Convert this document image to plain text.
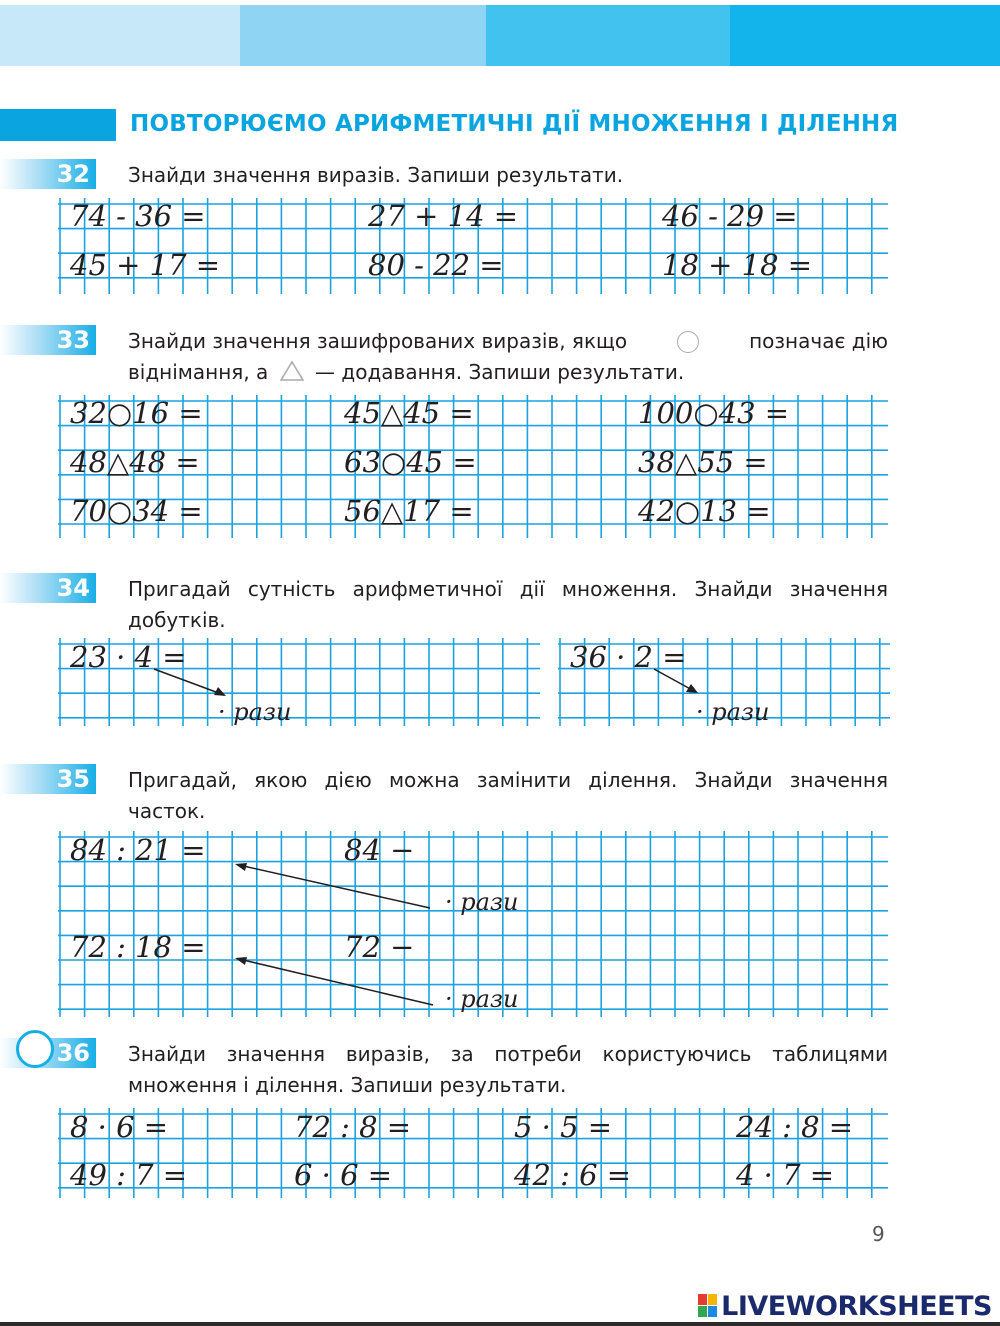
ПОВТОРЮЄМО АРИФМЕТИЧНІ ДІЇ МНОЖЕННЯ І ДІЛЕННЯ
32 Знайди значення виразів. Запиши результати.
74 - 36 =	27 + 14 =	46 - 29 =
45 + 17 =	80 - 22 =	18 + 18 =
33 Знайди значення зашифрованих виразів, якщо	позначає дію
віднімання, а — додавання. Запиши результати.
32○16 =	45△45 =	100○43 =
48△48 =	63○45 =	38△55 =
70○34 =	56△17 =	42○13 =
34 Пригадай сутність арифметичної дії множення. Знайди значення добутків.
23 · 4 =	36 · 2 =
· рази	· рази
35 Пригадай, якою дією можна замінити ділення. Знайди значення часток.
84 : 21 =	84 −
72 : 18 =	72 −
· рази
· рази
36 Знайди значення виразів, за потреби користуючись таблицями множення і ділення. Запиши результати.
8 · 6 =	72 : 8 =	5 · 5 =	24 : 8 =
49 : 7 =	6 · 6 =	42 : 6 =	4 · 7 =
9
LIVEWORKSHEETS
